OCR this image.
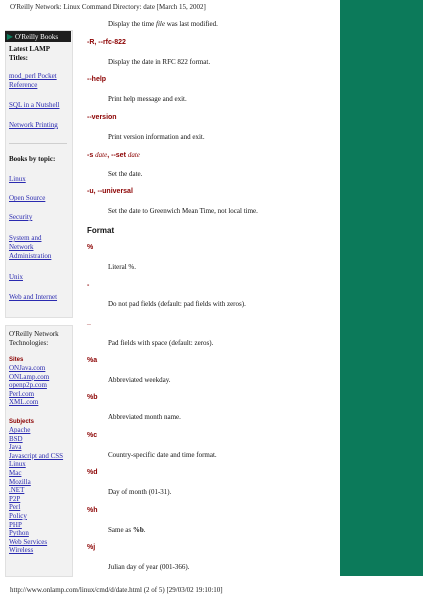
O'Reilly Network: Linux Command Directory: date [March 15, 2002]
▶ O'Reilly Books
Latest LAMP
Titles:
mod_perl Pocket
Reference
SQL in a Nutshell
Network Printing
Books by topic:
Linux
Open Source
Security
System and
Network
Administration
Unix
Web and Internet
O'Reilly Network
Technologies:
Sites
ONJava.com
ONLamp.com
openp2p.com
Perl.com
XML.com
Subjects
Apache
BSD
Java
Javascript and CSS
Linux
Mac
Mozilla
.NET
P2P
Perl
Policy
PHP
Python
Web Services
Wireless
Display the time file was last modified.
-R, --rfc-822
Display the date in RFC 822 format.
--help
Print help message and exit.
--version
Print version information and exit.
-s date, --set date
Set the date.
-u, --universal
Set the date to Greenwich Mean Time, not local time.
Format
%
Literal %.
-
Do not pad fields (default: pad fields with zeros).
_
Pad fields with space (default: zeros).
%a
Abbreviated weekday.
%b
Abbreviated month name.
%c
Country-specific date and time format.
%d
Day of month (01-31).
%h
Same as %b.
%j
Julian day of year (001-366).
http://www.onlamp.com/linux/cmd/d/date.html (2 of 5) [29/03/02 19:10:10]
